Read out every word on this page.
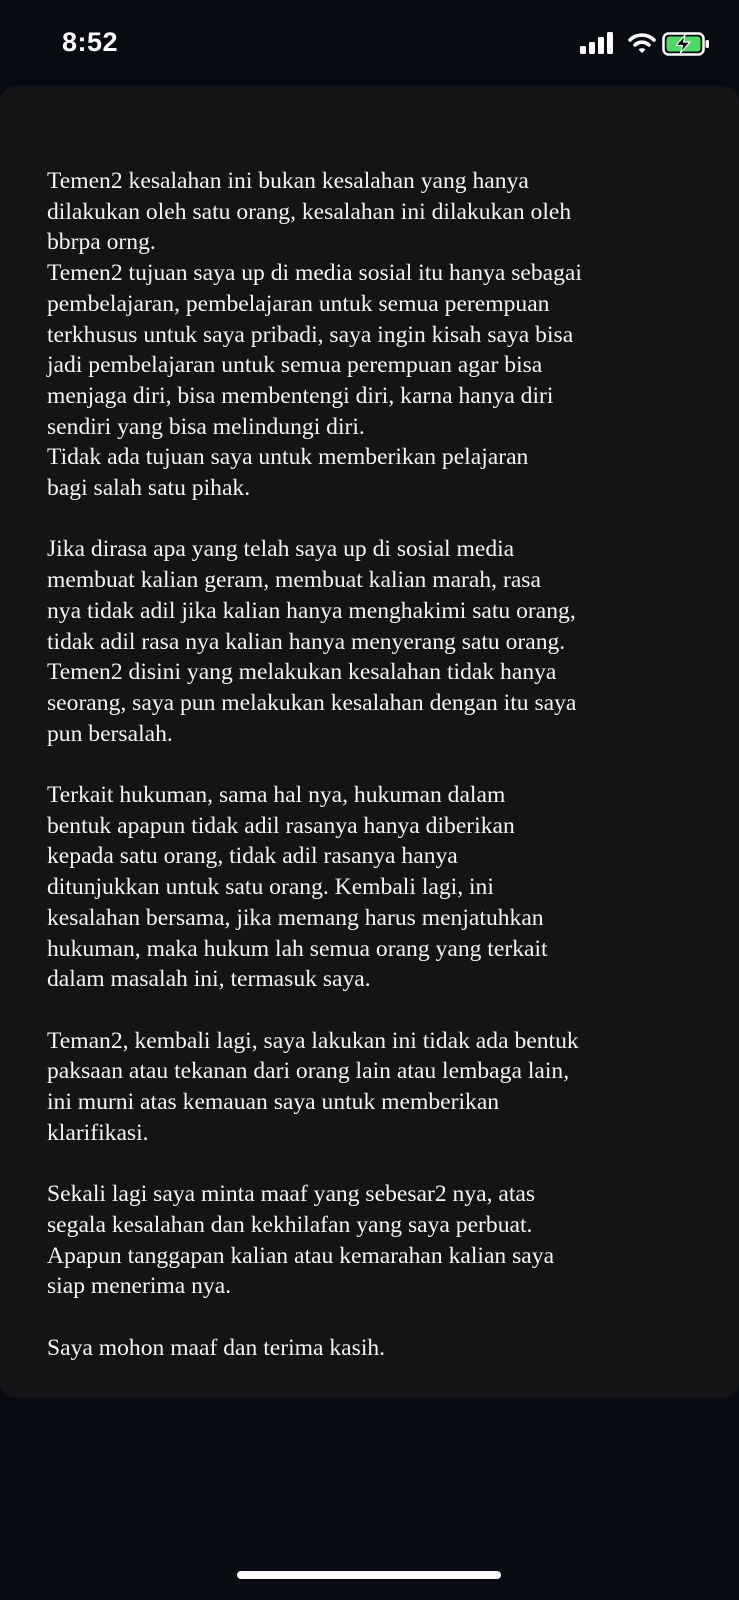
8:52

Temen2 kesalahan ini bukan kesalahan yang hanya
dilakukan oleh satu orang, kesalahan ini dilakukan oleh
bbrpa orng.
Temen2 tujuan saya up di media sosial itu hanya sebagai
pembelajaran, pembelajaran untuk semua perempuan
terkhusus untuk saya pribadi, saya ingin kisah saya bisa
jadi pembelajaran untuk semua perempuan agar bisa
menjaga diri, bisa membentengi diri, karna hanya diri
sendiri yang bisa melindungi diri.
Tidak ada tujuan saya untuk memberikan pelajaran
bagi salah satu pihak.

Jika dirasa apa yang telah saya up di sosial media
membuat kalian geram, membuat kalian marah, rasa
nya tidak adil jika kalian hanya menghakimi satu orang,
tidak adil rasa nya kalian hanya menyerang satu orang.
Temen2 disini yang melakukan kesalahan tidak hanya
seorang, saya pun melakukan kesalahan dengan itu saya
pun bersalah.

Terkait hukuman, sama hal nya, hukuman dalam
bentuk apapun tidak adil rasanya hanya diberikan
kepada satu orang, tidak adil rasanya hanya
ditunjukkan untuk satu orang. Kembali lagi, ini
kesalahan bersama, jika memang harus menjatuhkan
hukuman, maka hukum lah semua orang yang terkait
dalam masalah ini, termasuk saya.

Teman2, kembali lagi, saya lakukan ini tidak ada bentuk
paksaan atau tekanan dari orang lain atau lembaga lain,
ini murni atas kemauan saya untuk memberikan
klarifikasi.

Sekali lagi saya minta maaf yang sebesar2 nya, atas
segala kesalahan dan kekhilafan yang saya perbuat.
Apapun tanggapan kalian atau kemarahan kalian saya
siap menerima nya.

Saya mohon maaf dan terima kasih.
